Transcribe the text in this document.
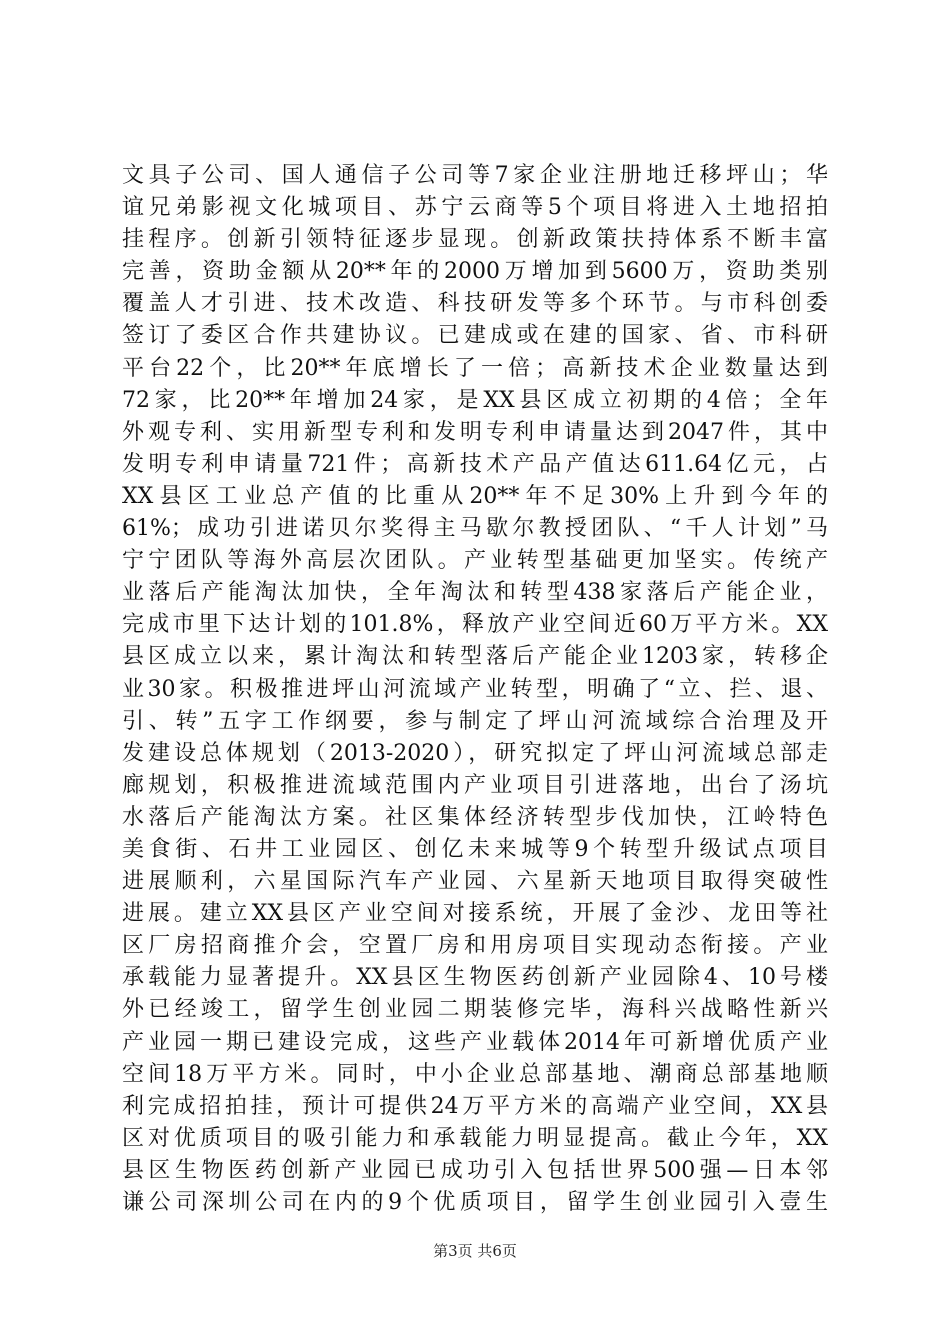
文具子公司、国人通信子公司等7家企业注册地迁移坪山；华
谊兄弟影视文化城项目、苏宁云商等5个项目将进入土地招拍
挂程序。创新引领特征逐步显现。创新政策扶持体系不断丰富
完善，资助金额从20**年的2000万增加到5600万，资助类别
覆盖人才引进、技术改造、科技研发等多个环节。与市科创委
签订了委区合作共建协议。已建成或在建的国家、省、市科研
平台22个，比20**年底增长了一倍；高新技术企业数量达到
72家，比20**年增加24家，是XX县区成立初期的4倍；全年
外观专利、实用新型专利和发明专利申请量达到2047件，其中
发明专利申请量721件；高新技术产品产值达611.64亿元，占
XX县区工业总产值的比重从20**年不足30%上升到今年的
61%；成功引进诺贝尔奖得主马歇尔教授团队、“千人计划”马
宁宁团队等海外高层次团队。产业转型基础更加坚实。传统产
业落后产能淘汰加快，全年淘汰和转型438家落后产能企业，
完成市里下达计划的101.8%，释放产业空间近60万平方米。XX
县区成立以来，累计淘汰和转型落后产能企业1203家，转移企
业30家。积极推进坪山河流域产业转型，明确了“立、拦、退、
引、转”五字工作纲要，参与制定了坪山河流域综合治理及开
发建设总体规划（2013-2020），研究拟定了坪山河流域总部走
廊规划，积极推进流域范围内产业项目引进落地，出台了汤坑
水落后产能淘汰方案。社区集体经济转型步伐加快，江岭特色
美食街、石井工业园区、创亿未来城等9个转型升级试点项目
进展顺利，六星国际汽车产业园、六星新天地项目取得突破性
进展。建立XX县区产业空间对接系统，开展了金沙、龙田等社
区厂房招商推介会，空置厂房和用房项目实现动态衔接。产业
承载能力显著提升。XX县区生物医药创新产业园除4、10号楼
外已经竣工，留学生创业园二期装修完毕，海科兴战略性新兴
产业园一期已建设完成，这些产业载体2014年可新增优质产业
空间18万平方米。同时，中小企业总部基地、潮商总部基地顺
利完成招拍挂，预计可提供24万平方米的高端产业空间，XX县
区对优质项目的吸引能力和承载能力明显提高。截止今年，XX
县区生物医药创新产业园已成功引入包括世界500强—日本邻
谦公司深圳公司在内的9个优质项目，留学生创业园引入壹生
第3页 共6页
